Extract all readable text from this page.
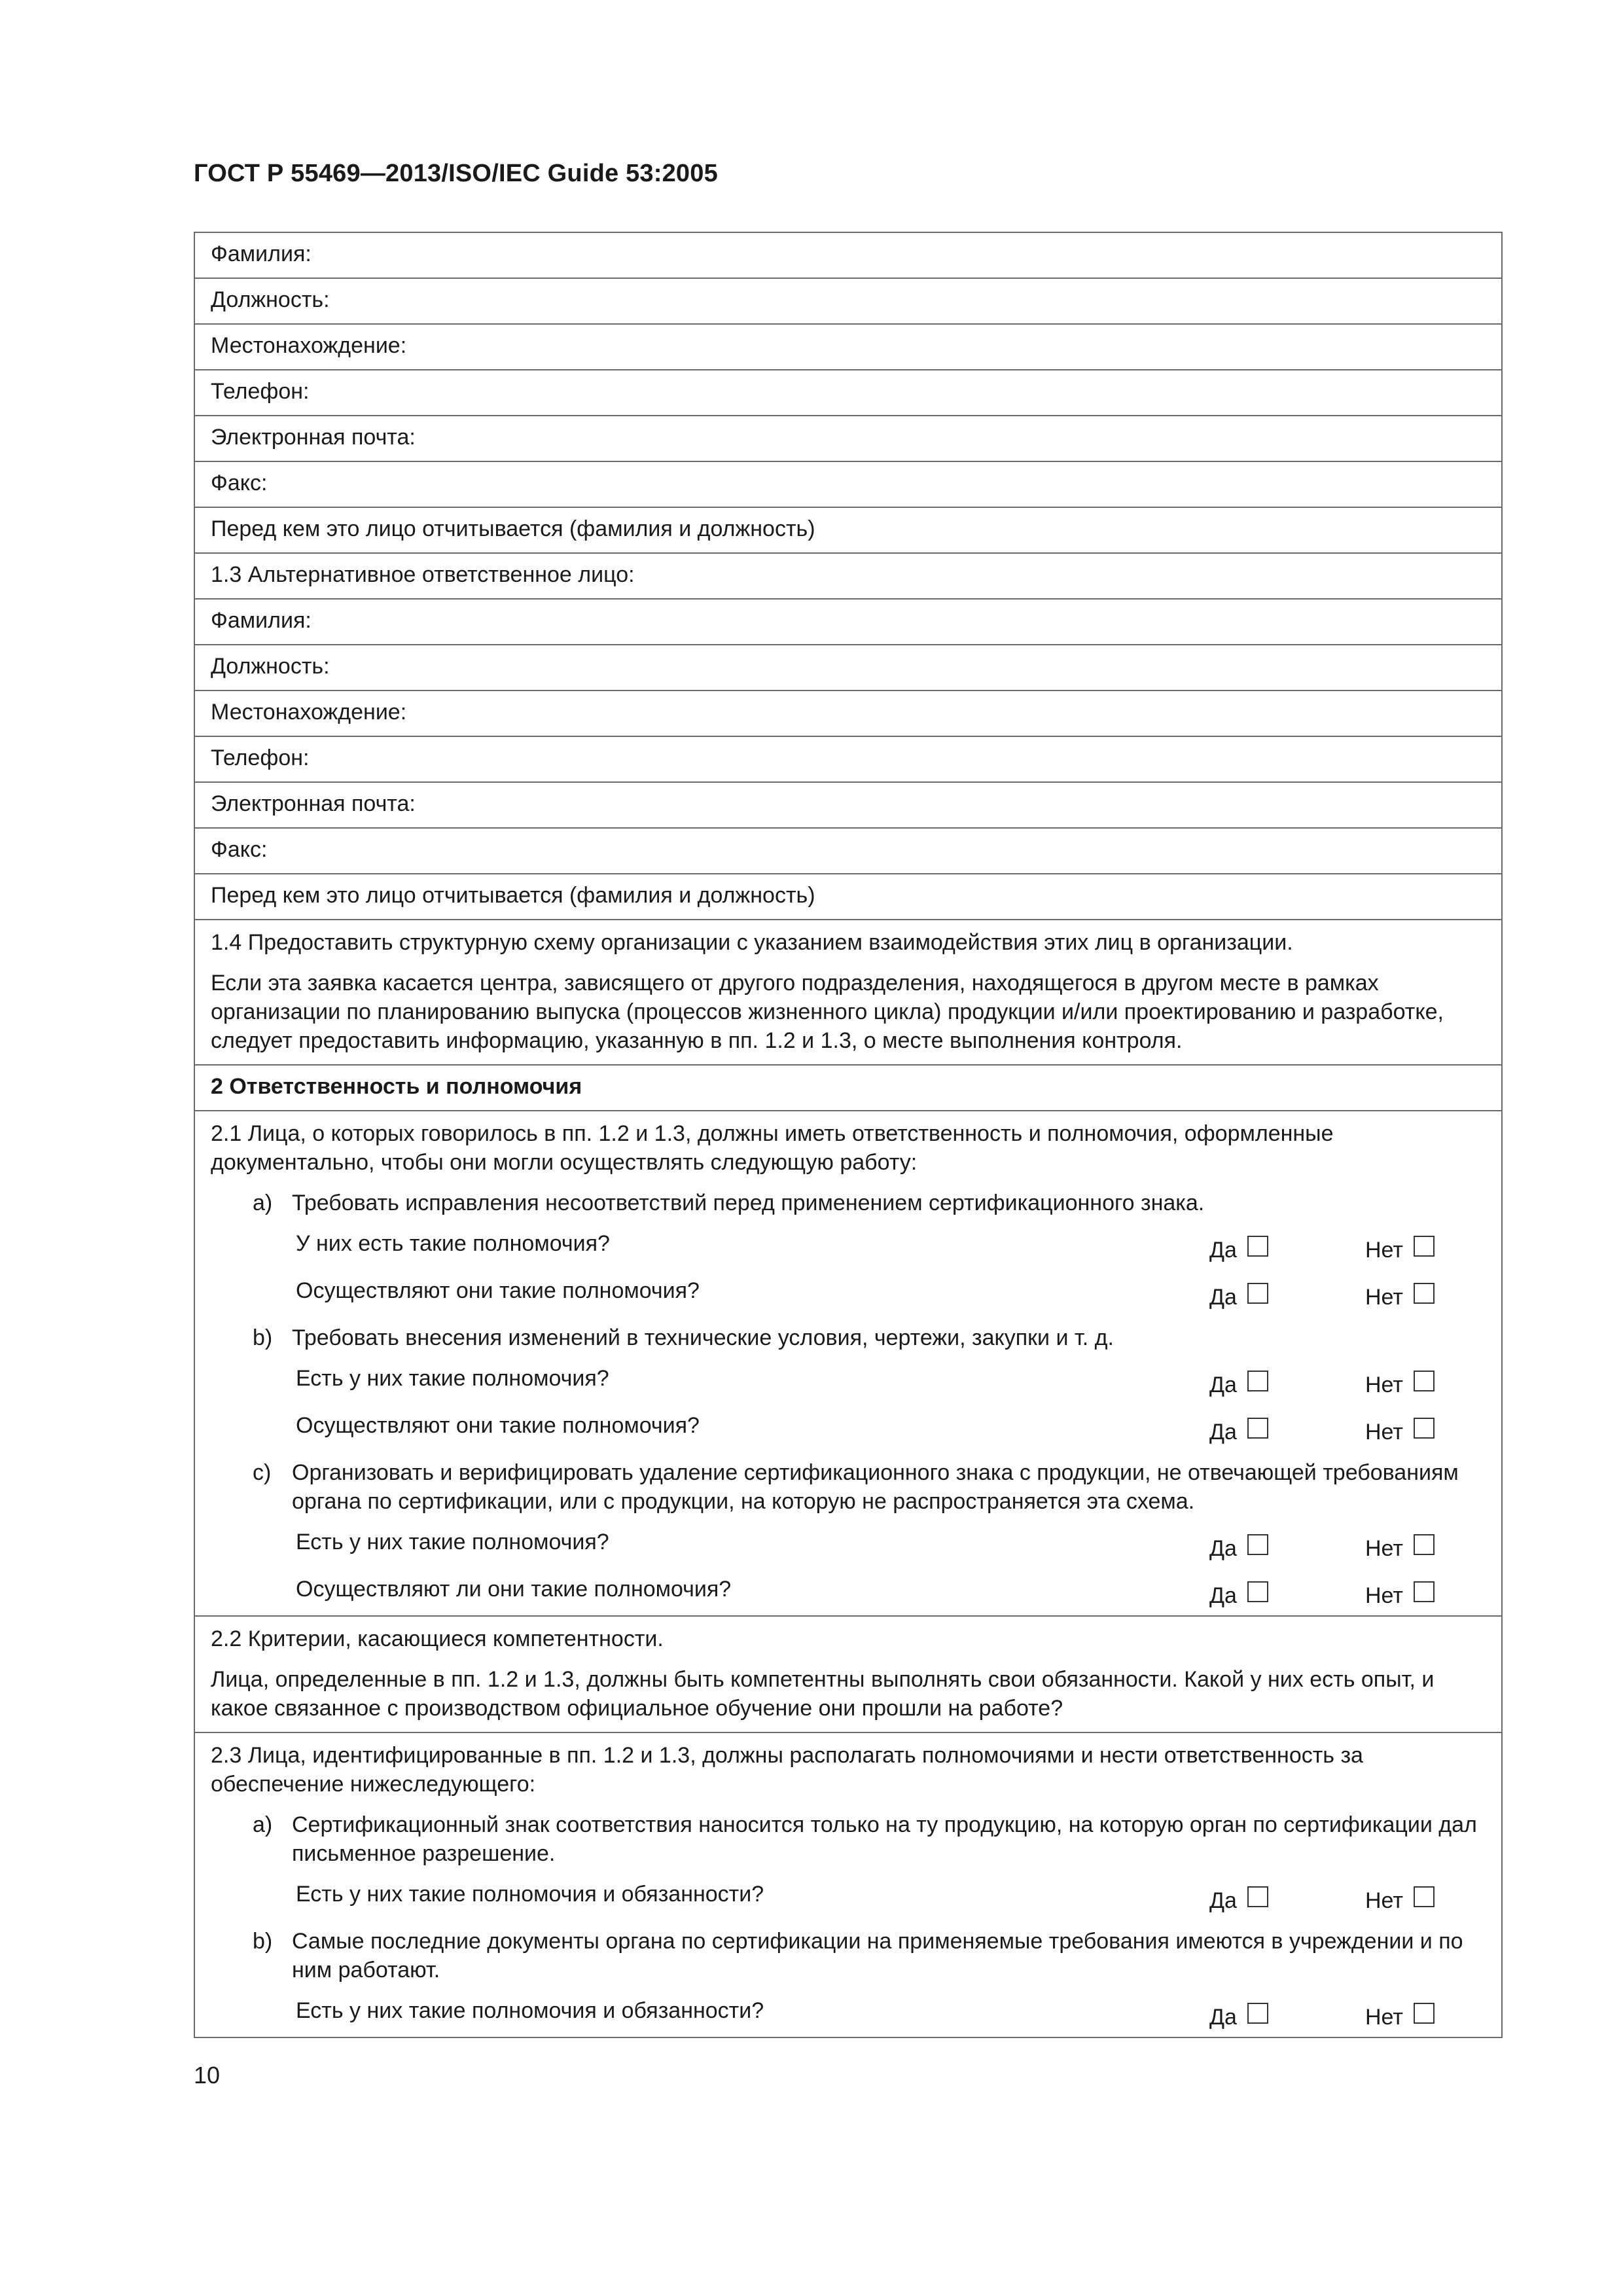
ГОСТ Р 55469—2013/ISO/IEC Guide 53:2005
Фамилия:
Должность:
Местонахождение:
Телефон:
Электронная почта:
Факс:
Перед кем это лицо отчитывается (фамилия и должность)
1.3 Альтернативное ответственное лицо:
Фамилия:
Должность:
Местонахождение:
Телефон:
Электронная почта:
Факс:
Перед кем это лицо отчитывается (фамилия и должность)

1.4 Предоставить структурную схему организации с указанием взаимодействия этих лиц в организации.
Если эта заявка касается центра, зависящего от другого подразделения, находящегося в другом месте в рамках организации по планированию выпуска (процессов жизненного цикла) продукции и/или проектированию и разработке, следует предоставить информацию, указанную в пп. 1.2 и 1.3, о месте выполнения контроля.

2 Ответственность и полномочия

2.1 Лица, о которых говорилось в пп. 1.2 и 1.3, должны иметь ответственность и полномочия, оформленные документально, чтобы они могли осуществлять следующую работу:
a) Требовать исправления несоответствий перед применением сертификационного знака.
У них есть такие полномочия?	Да	Нет
Осуществляют они такие полномочия?	Да	Нет
b) Требовать внесения изменений в технические условия, чертежи, закупки и т. д.
Есть у них такие полномочия?	Да	Нет
Осуществляют они такие полномочия?	Да	Нет
c) Организовать и верифицировать удаление сертификационного знака с продукции, не отвечающей требованиям органа по сертификации, или с продукции, на которую не распространяется эта схема.
Есть у них такие полномочия?	Да	Нет
Осуществляют ли они такие полномочия?	Да	Нет

2.2 Критерии, касающиеся компетентности.
Лица, определенные в пп. 1.2 и 1.3, должны быть компетентны выполнять свои обязанности. Какой у них есть опыт, и какое связанное с производством официальное обучение они прошли на работе?

2.3 Лица, идентифицированные в пп. 1.2 и 1.3, должны располагать полномочиями и нести ответственность за обеспечение нижеследующего:
a) Сертификационный знак соответствия наносится только на ту продукцию, на которую орган по сертификации дал письменное разрешение.
Есть у них такие полномочия и обязанности?	Да	Нет
b) Самые последние документы органа по сертификации на применяемые требования имеются в учреждении и по ним работают.
Есть у них такие полномочия и обязанности?	Да	Нет
10
